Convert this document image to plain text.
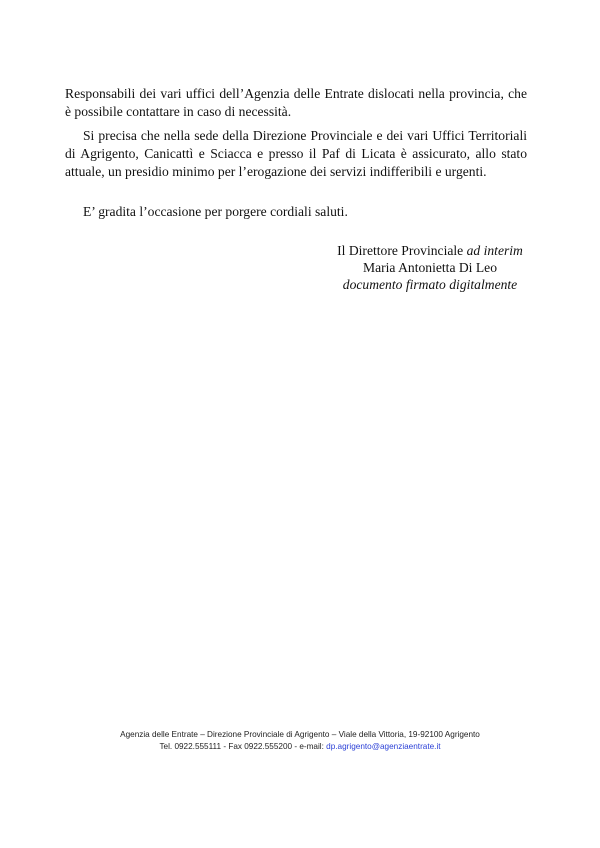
Responsabili dei vari uffici dell’Agenzia delle Entrate dislocati nella provincia, che è possibile contattare in caso di necessità.

Si precisa che nella sede della Direzione Provinciale e dei vari Uffici Territoriali di Agrigento, Canicattì e Sciacca e presso il Paf di Licata è assicurato, allo stato attuale, un presidio minimo per l’erogazione dei servizi indifferibili e urgenti.

E’ gradita l’occasione per porgere cordiali saluti.

Il Direttore Provinciale ad interim
Maria Antonietta Di Leo
documento firmato digitalmente
Agenzia delle Entrate – Direzione Provinciale di Agrigento – Viale della Vittoria, 19-92100 Agrigento
Tel. 0922.555111 - Fax 0922.555200 - e-mail: dp.agrigento@agenziaentrate.it
